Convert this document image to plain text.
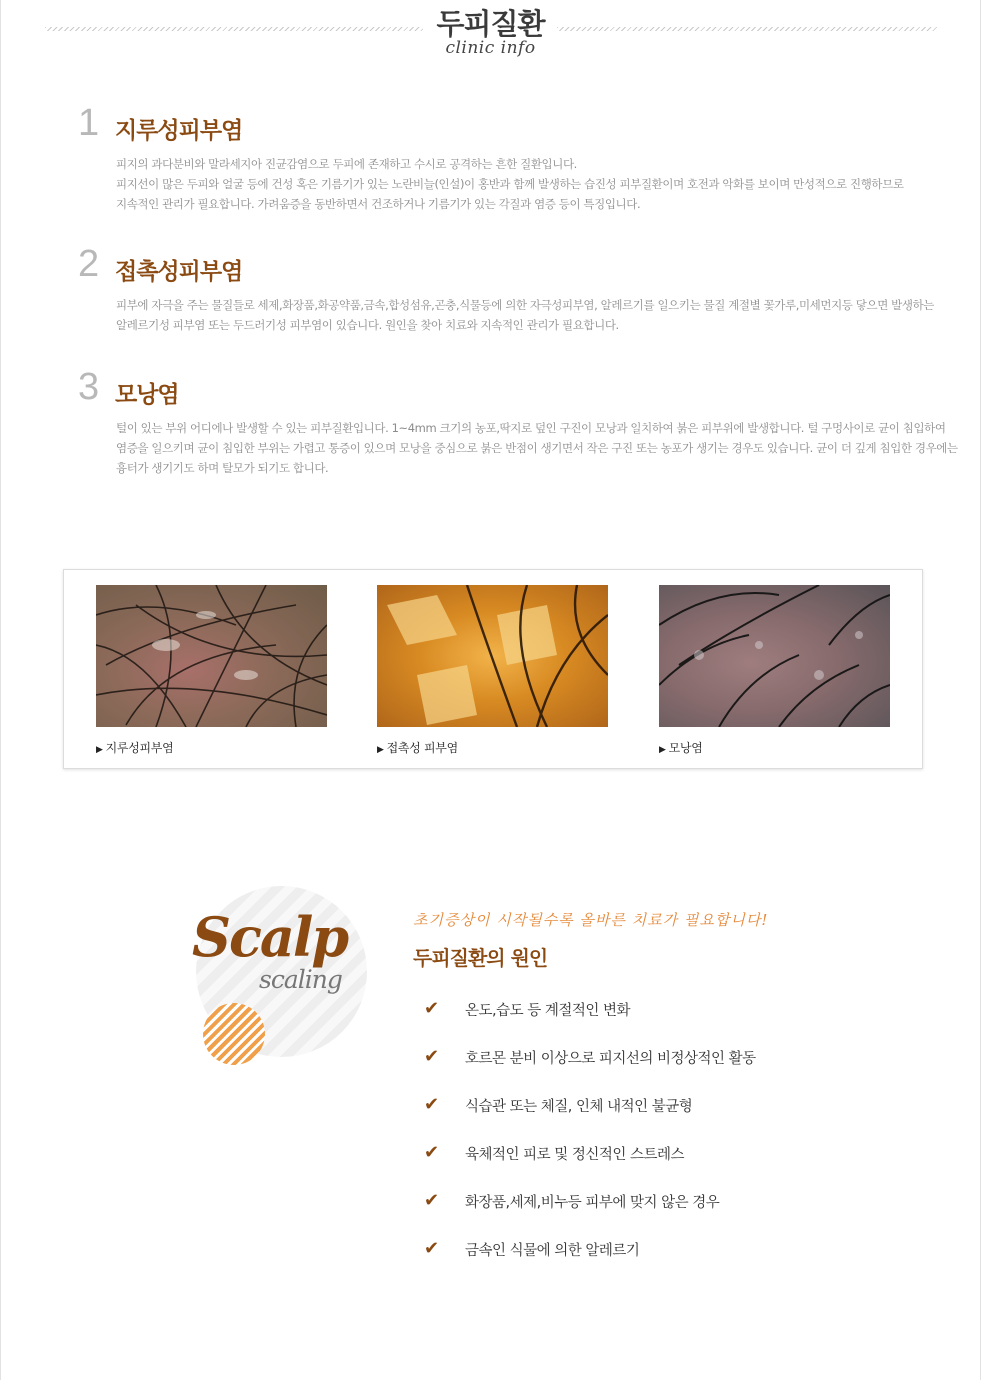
두피질환
clinic info
1 지루성피부염

피지의 과다분비와 말라세지아 진균감염으로 두피에 존재하고 수시로 공격하는 흔한 질환입니다.

피지선이 많은 두피와 얼굴 등에 건성 혹은 기름기가 있는 노란비늘(인설)이 홍반과 함께 발생하는 습진성 피부질환이며 호전과 악화를 보이며 만성적으로 진행하므로

지속적인 관리가 필요합니다. 가려움증을 동반하면서 건조하거나 기름기가 있는 각질과 염증 등이 특징입니다.

2 접촉성피부염

피부에 자극을 주는 물질들로 세제,화장품,화공약품,금속,합성섬유,곤충,식물등에 의한 자극성피부염, 알레르기를 일으키는 물질 계절별 꽃가루,미세먼지등 닿으면 발생하는

알레르기성 피부염 또는 두드러기성 피부염이 있습니다. 원인을 찾아 치료와 지속적인 관리가 필요합니다.

3 모낭염

털이 있는 부위 어디에나 발생할 수 있는 피부질환입니다. 1~4mm 크기의 농포,딱지로 덮인 구진이 모낭과 일치하여 붉은 피부위에 발생합니다. 털 구멍사이로 균이 침입하여

염증을 일으키며 균이 침입한 부위는 가렵고 통증이 있으며 모낭을 중심으로 붉은 반점이 생기면서 작은 구진 또는 농포가 생기는 경우도 있습니다. 균이 더 깊게 침입한 경우에는

흉터가 생기기도 하며 탈모가 되기도 합니다.

▶ 지루성피부염	▶ 접촉성 피부염	▶ 모낭염
Scalp
scaling
초기증상이 시작될수록 올바른 치료가 필요합니다!
두피질환의 원인
✔ 온도,습도 등 계절적인 변화
✔ 호르몬 분비 이상으로 피지선의 비정상적인 활동
✔ 식습관 또는 체질, 인체 내적인 불균형
✔ 육체적인 피로 및 정신적인 스트레스
✔ 화장품,세제,비누등 피부에 맞지 않은 경우
✔ 금속인 식물에 의한 알레르기
